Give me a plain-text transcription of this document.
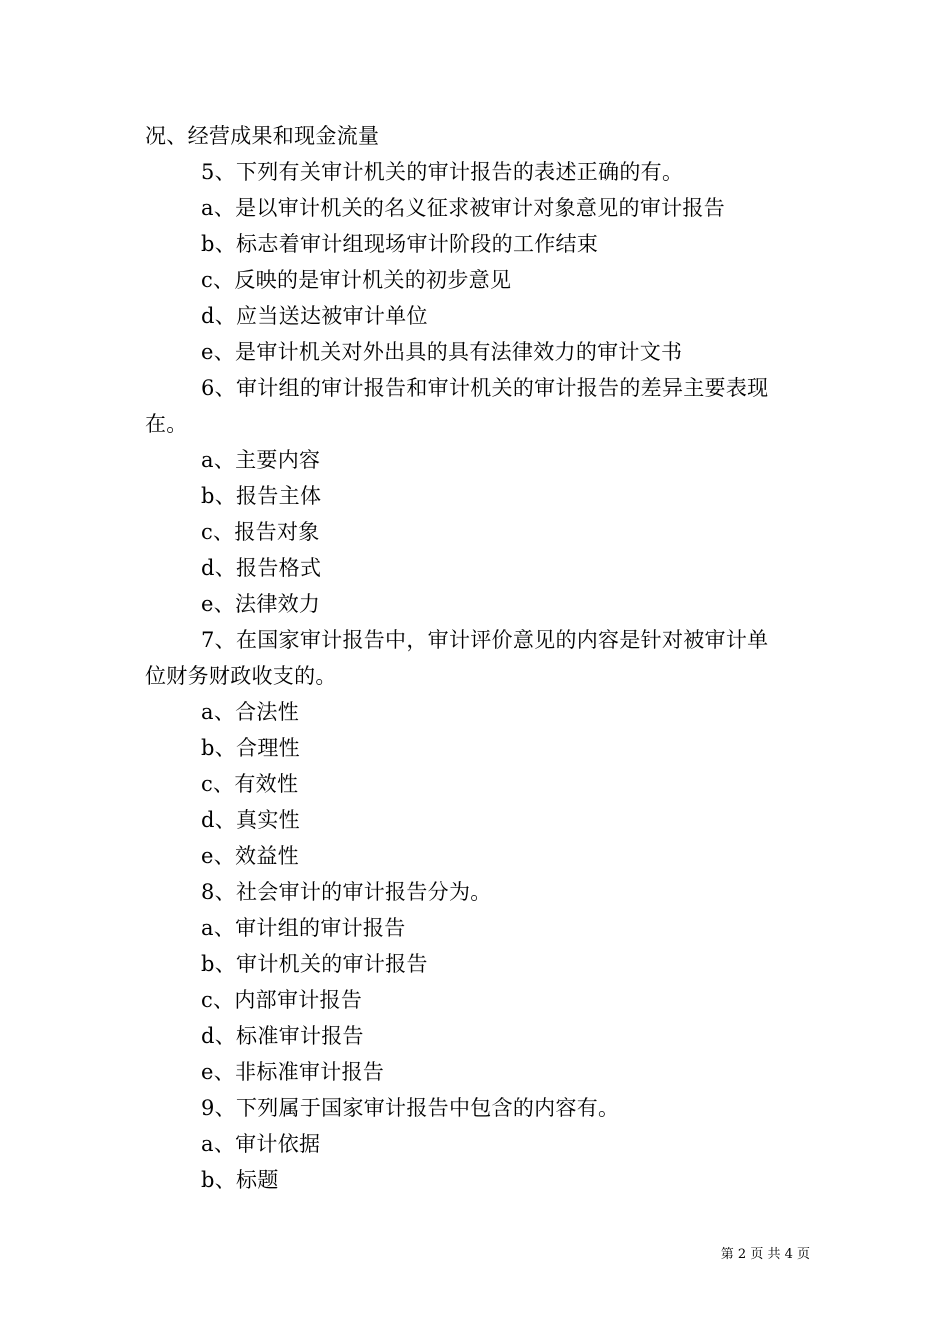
况、经营成果和现金流量
5、下列有关审计机关的审计报告的表述正确的有。
a、是以审计机关的名义征求被审计对象意见的审计报告
b、标志着审计组现场审计阶段的工作结束
c、反映的是审计机关的初步意见
d、应当送达被审计单位
e、是审计机关对外出具的具有法律效力的审计文书
6、审计组的审计报告和审计机关的审计报告的差异主要表现
在。
a、主要内容
b、报告主体
c、报告对象
d、报告格式
e、法律效力
7、在国家审计报告中，审计评价意见的内容是针对被审计单
位财务财政收支的。
a、合法性
b、合理性
c、有效性
d、真实性
e、效益性
8、社会审计的审计报告分为。
a、审计组的审计报告
b、审计机关的审计报告
c、内部审计报告
d、标准审计报告
e、非标准审计报告
9、下列属于国家审计报告中包含的内容有。
a、审计依据
b、标题
第 2 页 共 4 页
